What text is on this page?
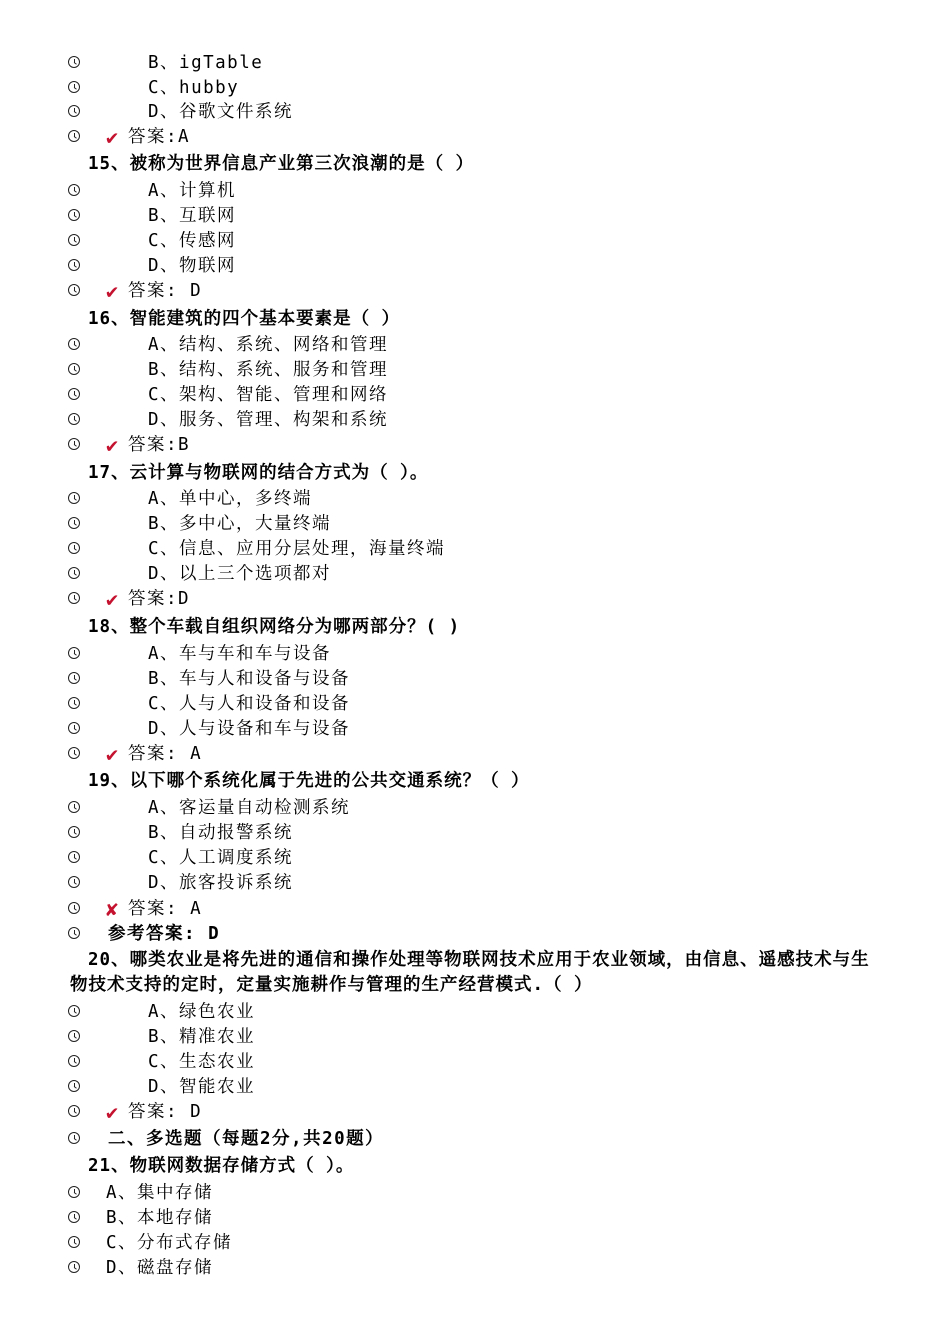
B、igTable
C、hubby
D、谷歌文件系统
✔ 答案:A
15、被称为世界信息产业第三次浪潮的是（ ）
A、计算机
B、互联网
C、传感网
D、物联网
✔ 答案: D
16、智能建筑的四个基本要素是（ ）
A、结构、系统、网络和管理
B、结构、系统、服务和管理
C、架构、智能、管理和网络
D、服务、管理、构架和系统
✔ 答案:B
17、云计算与物联网的结合方式为（ ）。
A、单中心，多终端
B、多中心，大量终端
C、信息、应用分层处理，海量终端
D、以上三个选项都对
✔ 答案:D
18、整个车载自组织网络分为哪两部分？( )
A、车与车和车与设备
B、车与人和设备与设备
C、人与人和设备和设备
D、人与设备和车与设备
✔ 答案: A
19、以下哪个系统化属于先进的公共交通系统？（ ）
A、客运量自动检测系统
B、自动报警系统
C、人工调度系统
D、旅客投诉系统
✘ 答案: A
参考答案: D
20、哪类农业是将先进的通信和操作处理等物联网技术应用于农业领域，由信息、遥感技术与生物技术支持的定时，定量实施耕作与管理的生产经营模式.（ ）
A、绿色农业
B、精准农业
C、生态农业
D、智能农业
✔ 答案: D
二、多选题（每题2分,共20题）
21、物联网数据存储方式（ ）。
A、集中存储
B、本地存储
C、分布式存储
D、磁盘存储
